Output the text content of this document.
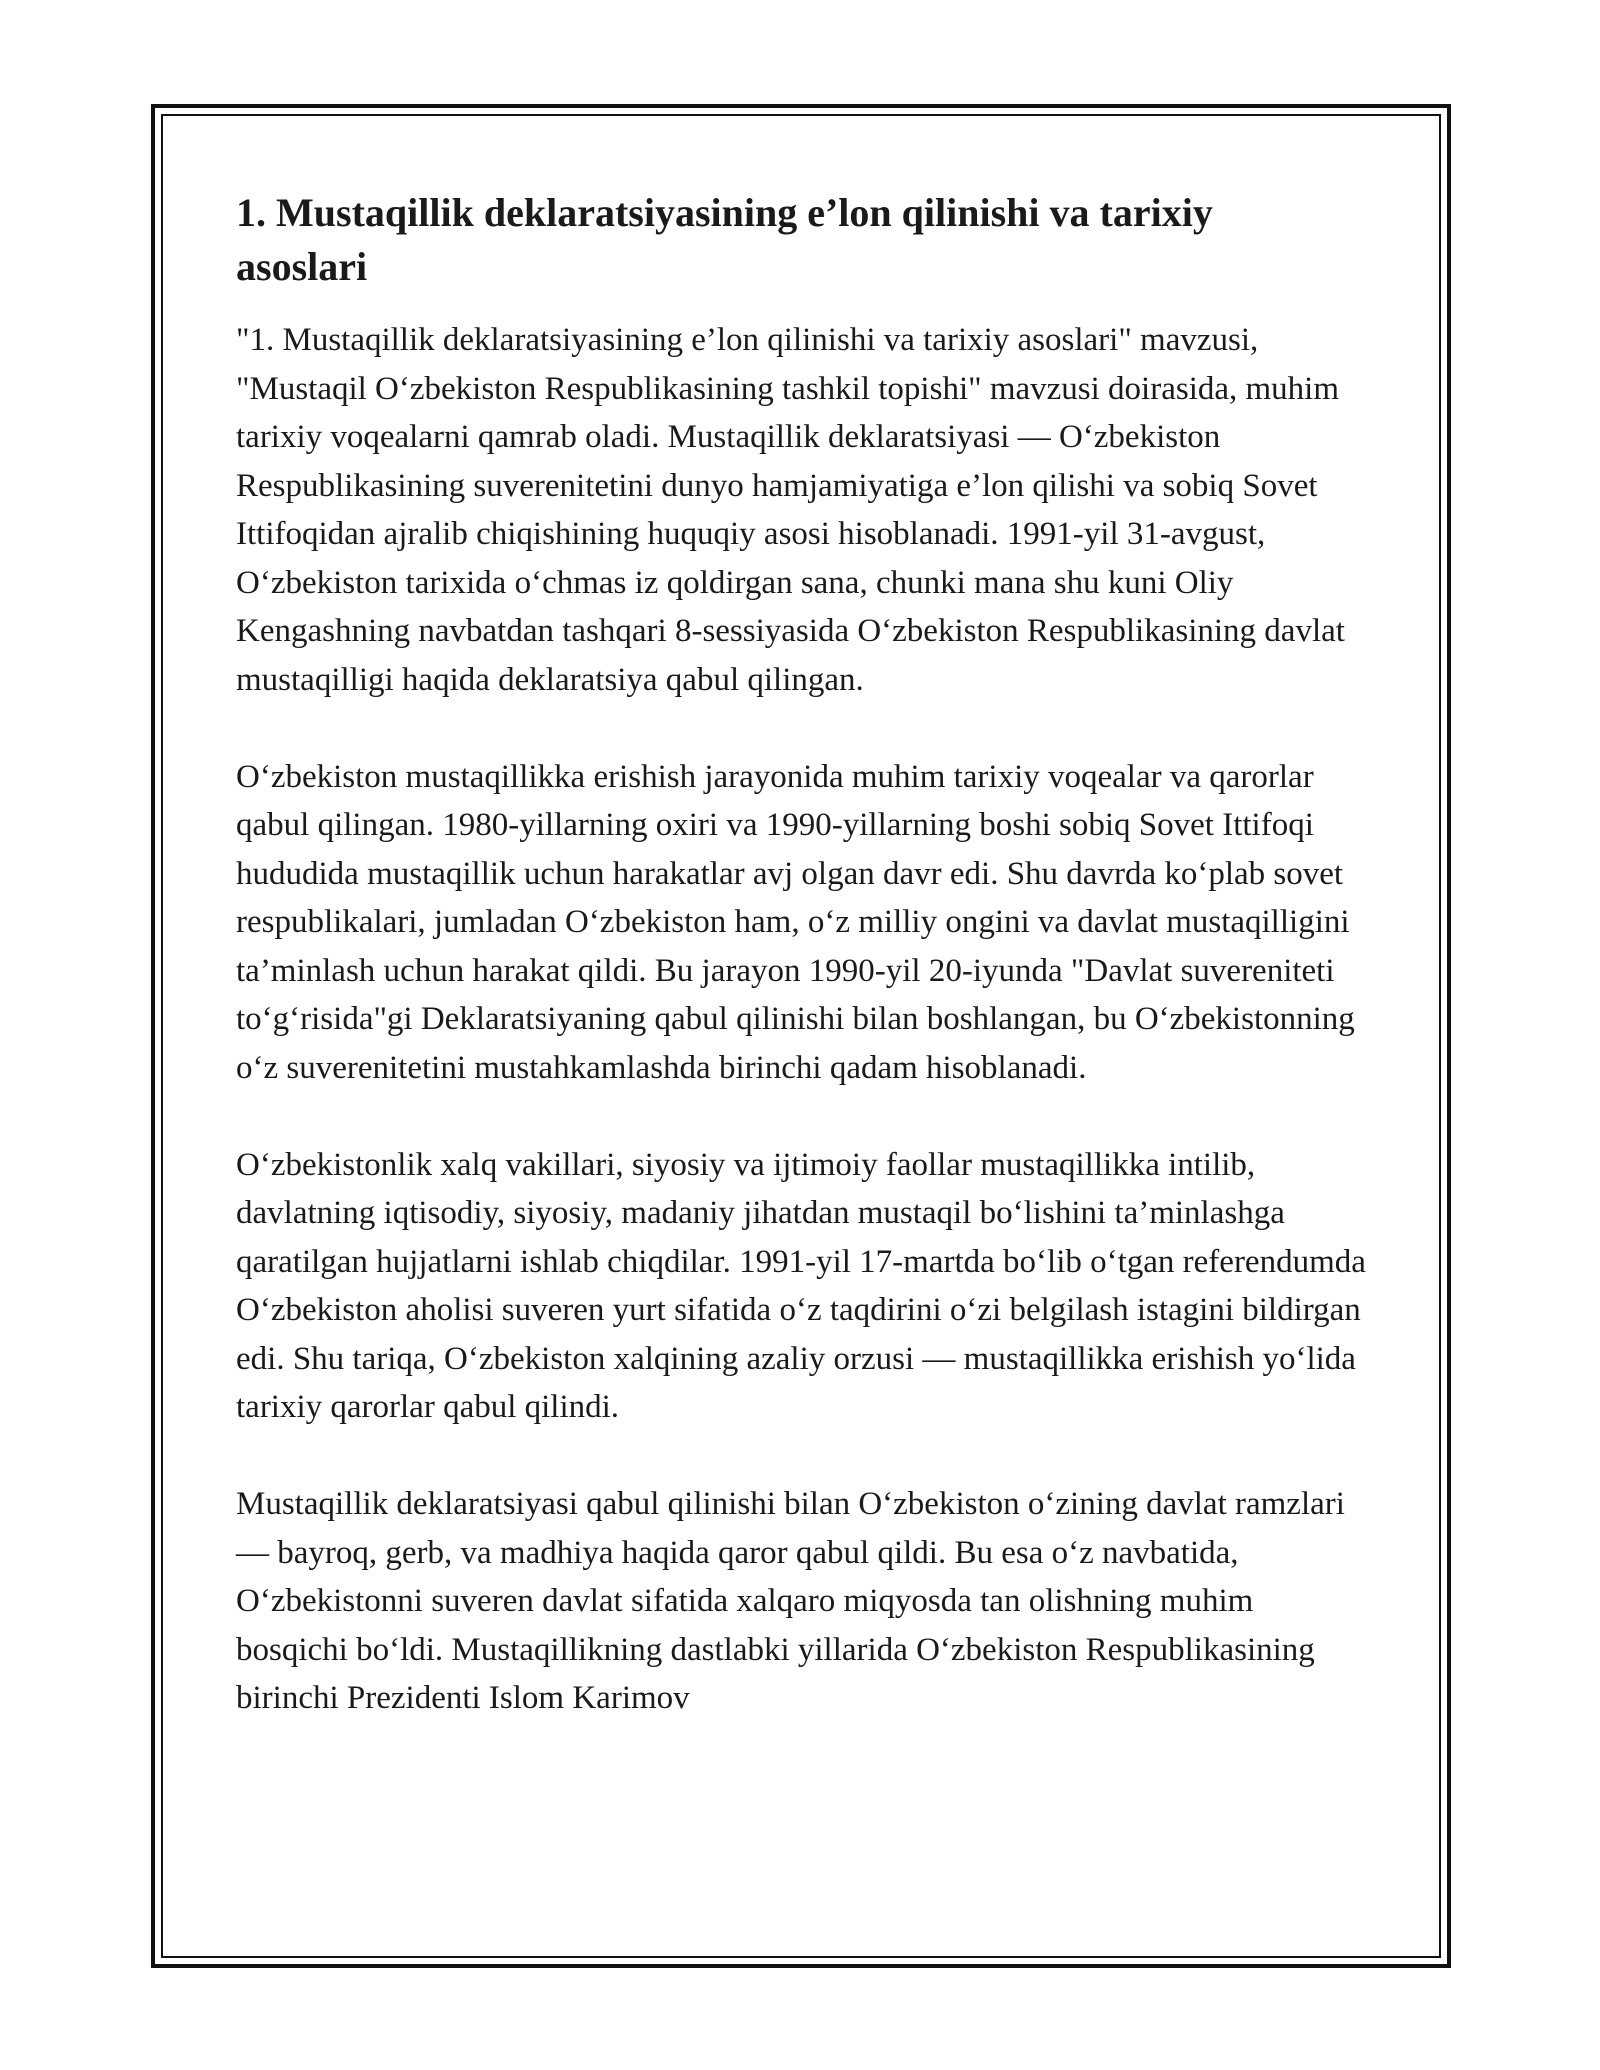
1. Mustaqillik deklaratsiyasining e’lon qilinishi va tarixiy asoslari

"1. Mustaqillik deklaratsiyasining e’lon qilinishi va tarixiy asoslari" mavzusi, "Mustaqil O‘zbekiston Respublikasining tashkil topishi" mavzusi doirasida, muhim tarixiy voqealarni qamrab oladi. Mustaqillik deklaratsiyasi — O‘zbekiston Respublikasining suverenitetini dunyo hamjamiyatiga e’lon qilishi va sobiq Sovet Ittifoqidan ajralib chiqishining huquqiy asosi hisoblanadi. 1991-yil 31-avgust, O‘zbekiston tarixida o‘chmas iz qoldirgan sana, chunki mana shu kuni Oliy Kengashning navbatdan tashqari 8-sessiyasida O‘zbekiston Respublikasining davlat mustaqilligi haqida deklaratsiya qabul qilingan.

O‘zbekiston mustaqillikka erishish jarayonida muhim tarixiy voqealar va qarorlar qabul qilingan. 1980-yillarning oxiri va 1990-yillarning boshi sobiq Sovet Ittifoqi hududida mustaqillik uchun harakatlar avj olgan davr edi. Shu davrda ko‘plab sovet respublikalari, jumladan O‘zbekiston ham, o‘z milliy ongini va davlat mustaqilligini ta’minlash uchun harakat qildi. Bu jarayon 1990-yil 20-iyunda "Davlat suvereniteti to‘g‘risida"gi Deklaratsiyaning qabul qilinishi bilan boshlangan, bu O‘zbekistonning o‘z suverenitetini mustahkamlashda birinchi qadam hisoblanadi.

O‘zbekistonlik xalq vakillari, siyosiy va ijtimoiy faollar mustaqillikka intilib, davlatning iqtisodiy, siyosiy, madaniy jihatdan mustaqil bo‘lishini ta’minlashga qaratilgan hujjatlarni ishlab chiqdilar. 1991-yil 17-martda bo‘lib o‘tgan referendumda O‘zbekiston aholisi suveren yurt sifatida o‘z taqdirini o‘zi belgilash istagini bildirgan edi. Shu tariqa, O‘zbekiston xalqining azaliy orzusi — mustaqillikka erishish yo‘lida tarixiy qarorlar qabul qilindi.

Mustaqillik deklaratsiyasi qabul qilinishi bilan O‘zbekiston o‘zining davlat ramzlari — bayroq, gerb, va madhiya haqida qaror qabul qildi. Bu esa o‘z navbatida, O‘zbekistonni suveren davlat sifatida xalqaro miqyosda tan olishning muhim bosqichi bo‘ldi. Mustaqillikning dastlabki yillarida O‘zbekiston Respublikasining birinchi Prezidenti Islom Karimov
